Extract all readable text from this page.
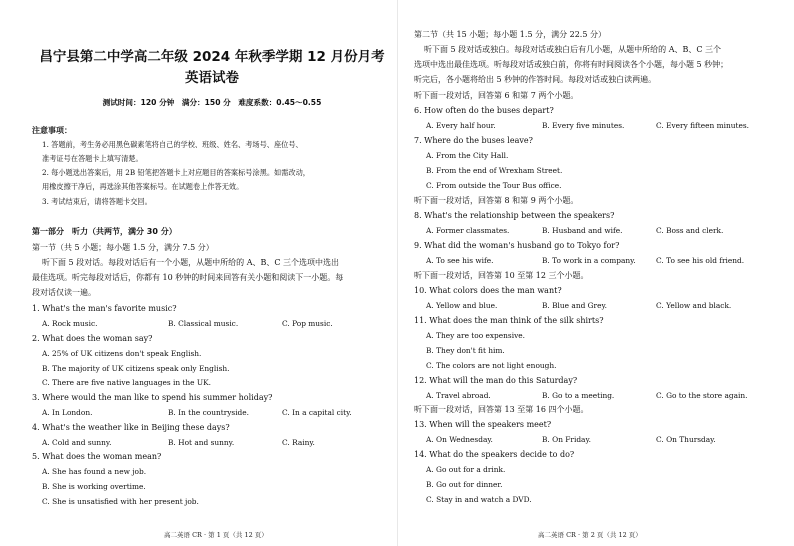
昌宁县第二中学高二年级 2024 年秋季学期 12 月份月考
英语试卷
测试时间：120 分钟　满分：150 分　难度系数：0.45～0.55
注意事项：
1. 答题前，考生务必用黑色碳素笔将自己的学校、班级、姓名、考场号、座位号、
准考证号在答题卡上填写清楚。
2. 每小题选出答案后，用 2B 铅笔把答题卡上对应题目的答案标号涂黑。如需改动，
用橡皮擦干净后，再选涂其他答案标号。在试题卷上作答无效。
3. 考试结束后，请将答题卡交回。
第一部分　听力（共两节，满分 30 分）
第一节（共 5 小题；每小题 1.5 分，满分 7.5 分）
听下面 5 段对话。每段对话后有一个小题，从题中所给的 A、B、C 三个选项中选出
最佳选项。听完每段对话后，你都有 10 秒钟的时间来回答有关小题和阅读下一小题。每
段对话仅读一遍。
1. What's the man's favorite music?
A. Rock music.	B. Classical music.	C. Pop music.
2. What does the woman say?
A. 25% of UK citizens don't speak English.
B. The majority of UK citizens speak only English.
C. There are five native languages in the UK.
3. Where would the man like to spend his summer holiday?
A. In London.	B. In the countryside.	C. In a capital city.
4. What's the weather like in Beijing these days?
A. Cold and sunny.	B. Hot and sunny.	C. Rainy.
5. What does the woman mean?
A. She has found a new job.
B. She is working overtime.
C. She is unsatisfied with her present job.
高二英语 CR · 第 1 页（共 12 页）
第二节（共 15 小题；每小题 1.5 分，满分 22.5 分）
听下面 5 段对话或独白。每段对话或独白后有几小题，从题中所给的 A、B、C 三个
选项中选出最佳选项。听每段对话或独白前，你将有时间阅读各个小题，每小题 5 秒钟；
听完后，各小题将给出 5 秒钟的作答时间。每段对话或独白读两遍。
听下面一段对话，回答第 6 和第 7 两个小题。
6. How often do the buses depart?
A. Every half hour.	B. Every five minutes.	C. Every fifteen minutes.
7. Where do the buses leave?
A. From the City Hall.
B. From the end of Wrexham Street.
C. From outside the Tour Bus office.
听下面一段对话，回答第 8 和第 9 两个小题。
8. What's the relationship between the speakers?
A. Former classmates.	B. Husband and wife.	C. Boss and clerk.
9. What did the woman's husband go to Tokyo for?
A. To see his wife.	B. To work in a company.	C. To see his old friend.
听下面一段对话，回答第 10 至第 12 三个小题。
10. What colors does the man want?
A. Yellow and blue.	B. Blue and Grey.	C. Yellow and black.
11. What does the man think of the silk shirts?
A. They are too expensive.
B. They don't fit him.
C. The colors are not light enough.
12. What will the man do this Saturday?
A. Travel abroad.	B. Go to a meeting.	C. Go to the store again.
听下面一段对话，回答第 13 至第 16 四个小题。
13. When will the speakers meet?
A. On Wednesday.	B. On Friday.	C. On Thursday.
14. What do the speakers decide to do?
A. Go out for a drink.
B. Go out for dinner.
C. Stay in and watch a DVD.
高二英语 CR · 第 2 页（共 12 页）
